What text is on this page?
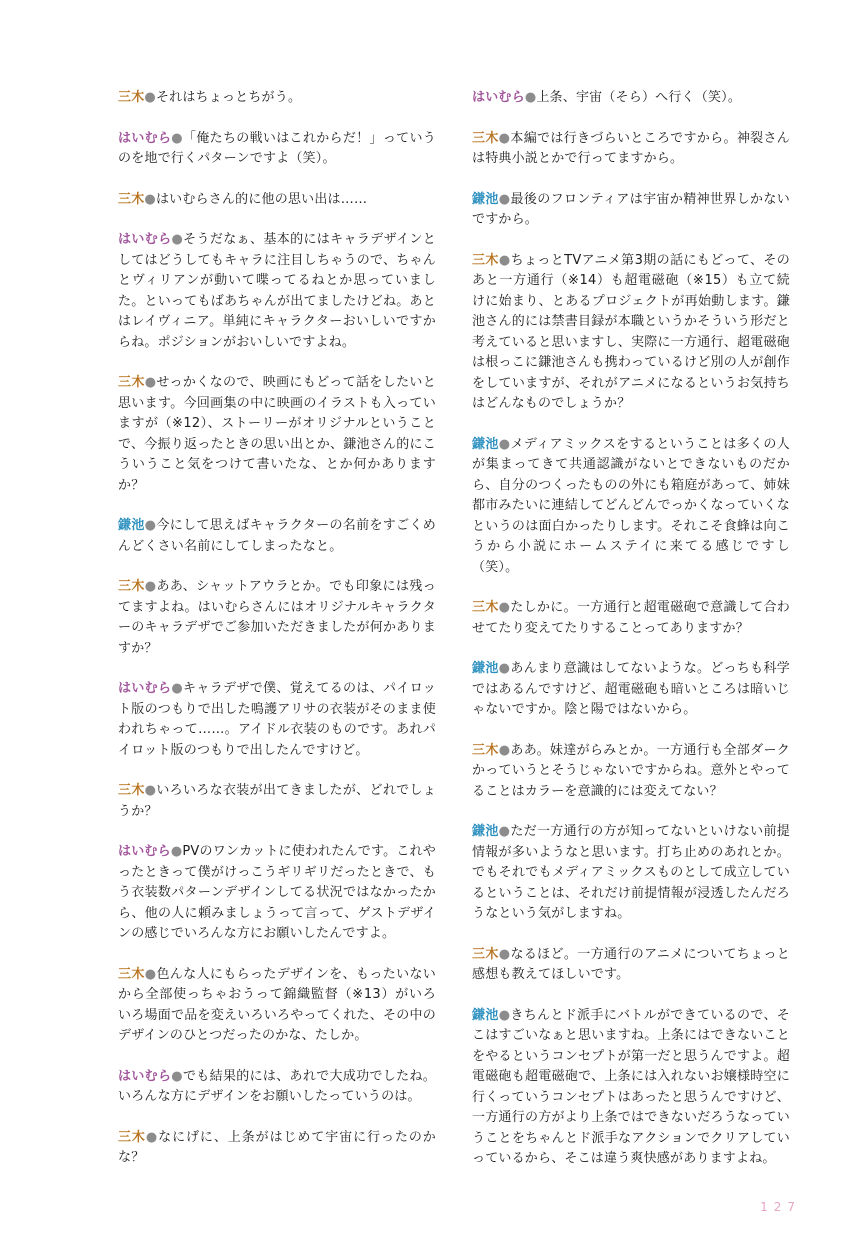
三木●それはちょっとちがう。

はいむら●「俺たちの戦いはこれからだ！」っていうのを地で行くパターンですよ（笑）。

三木●はいむらさん的に他の思い出は……

はいむら●そうだなぁ、基本的にはキャラデザインとしてはどうしてもキャラに注目しちゃうので、ちゃんとヴィリアンが動いて喋ってるねとか思っていました。といってもばあちゃんが出てましたけどね。あとはレイヴィニア。単純にキャラクターおいしいですからね。ポジションがおいしいですよね。

三木●せっかくなので、映画にもどって話をしたいと思います。今回画集の中に映画のイラストも入っていますが（※12）、ストーリーがオリジナルということで、今振り返ったときの思い出とか、鎌池さん的にこういうこと気をつけて書いたな、とか何かありますか？

鎌池●今にして思えばキャラクターの名前をすごくめんどくさい名前にしてしまったなと。

三木●ああ、シャットアウラとか。でも印象には残ってますよね。はいむらさんにはオリジナルキャラクターのキャラデザでご参加いただきましたが何かありますか？

はいむら●キャラデザで僕、覚えてるのは、パイロット版のつもりで出した鳴護アリサの衣装がそのまま使われちゃって……。アイドル衣装のものです。あれパイロット版のつもりで出したんですけど。

三木●いろいろな衣装が出てきましたが、どれでしょうか？

はいむら●PVのワンカットに使われたんです。これやったときって僕がけっこうギリギリだったときで、もう衣装数パターンデザインしてる状況ではなかったから、他の人に頼みましょうって言って、ゲストデザインの感じでいろんな方にお願いしたんですよ。

三木●色んな人にもらったデザインを、もったいないから全部使っちゃおうって錦織監督（※13）がいろいろ場面で品を変えいろいろやってくれた、その中のデザインのひとつだったのかな、たしか。

はいむら●でも結果的には、あれで大成功でしたね。いろんな方にデザインをお願いしたっていうのは。

三木●なにげに、上条がはじめて宇宙に行ったのかな？

はいむら●上条、宇宙（そら）へ行く（笑）。

三木●本編では行きづらいところですから。神裂さんは特典小説とかで行ってますから。

鎌池●最後のフロンティアは宇宙か精神世界しかないですから。

三木●ちょっとTVアニメ第3期の話にもどって、そのあと一方通行（※14）も超電磁砲（※15）も立て続けに始まり、とあるプロジェクトが再始動します。鎌池さん的には禁書目録が本職というかそういう形だと考えていると思いますし、実際に一方通行、超電磁砲は根っこに鎌池さんも携わっているけど別の人が創作をしていますが、それがアニメになるというお気持ちはどんなものでしょうか？

鎌池●メディアミックスをするということは多くの人が集まってきて共通認識がないとできないものだから、自分のつくったものの外にも箱庭があって、姉妹都市みたいに連結してどんどんでっかくなっていくなというのは面白かったりします。それこそ食蜂は向こうから小説にホームステイに来てる感じですし（笑）。

三木●たしかに。一方通行と超電磁砲で意識して合わせてたり変えてたりすることってありますか？

鎌池●あんまり意識はしてないような。どっちも科学ではあるんですけど、超電磁砲も暗いところは暗いじゃないですか。陰と陽ではないから。

三木●ああ。妹達がらみとか。一方通行も全部ダークかっていうとそうじゃないですからね。意外とやってることはカラーを意識的には変えてない？

鎌池●ただ一方通行の方が知ってないといけない前提情報が多いようなと思います。打ち止めのあれとか。でもそれでもメディアミックスものとして成立しているということは、それだけ前提情報が浸透したんだろうなという気がしますね。

三木●なるほど。一方通行のアニメについてちょっと感想も教えてほしいです。

鎌池●きちんとド派手にバトルができているので、そこはすごいなぁと思いますね。上条にはできないことをやるというコンセプトが第一だと思うんですよ。超電磁砲も超電磁砲で、上条には入れないお嬢様時空に行くっていうコンセプトはあったと思うんですけど、一方通行の方がより上条ではできないだろうなっていうことをちゃんとド派手なアクションでクリアしていっているから、そこは違う爽快感がありますよね。

127
